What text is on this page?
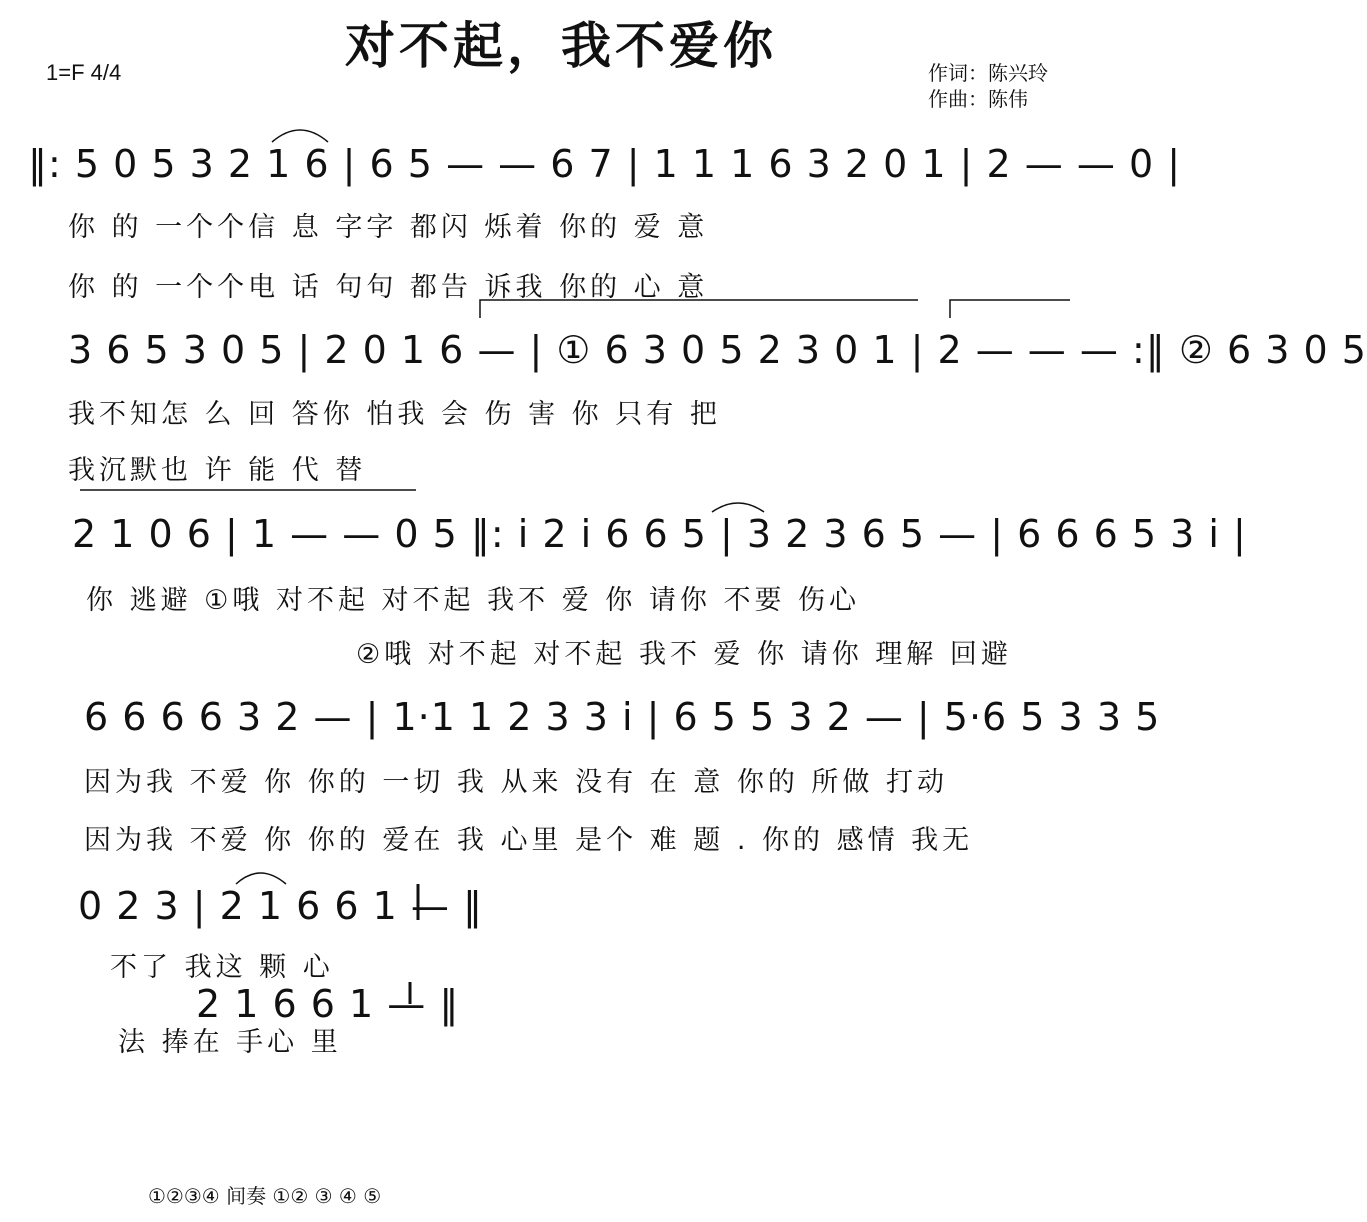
对不起，我不爱你
1=F 4/4	作词：陈兴玲
作曲：陈伟
‖: 5 0 5 3 2 1 6 | 6 5 — — 6 7 | 1 1 1 6 3 2 0 1 | 2 — — 0 |
你 的 一个个信 息 字字 都闪 烁着 你的 爱 意
你 的 一个个电 话 句句 都告 诉我 你的 心 意
3 6 5 3 0 5 | 2 0 1 6 — | ① 6 3 0 5 2 3 0 1 | 2 — — — :‖ ② 6 3 0 5
我不知怎 么 回 答你 怕我 会 伤 害 你 只有 把
我沉默也 许 能 代 替
2 1 0 6 | 1 — — 0 5 ‖: i 2 i 6 6 5 | 3 2 3 6 5 — | 6 6 6 5 3 i |
你 逃避 ①哦 对不起 对不起 我不 爱 你 请你 不要 伤心
②哦 对不起 对不起 我不 爱 你 请你 理解 回避
6 6 6 6 3 2 — | 1·1 1 2 3 3 i | 6 5 5 3 2 — | 5·6 5 3 3 5
因为我 不爱 你 你的 一切 我 从来 没有 在 意 你的 所做 打动
因为我 不爱 你 你的 爱在 我 心里 是个 难 题 . 你的 感情 我无
0 2 3 | 2 1 6 6 1 — ‖
不了 我这 颗 心
2 1 6 6 1 — ‖
法 捧在 手心 里
①②③④ 间奏 ①② ③ ④ ⑤
